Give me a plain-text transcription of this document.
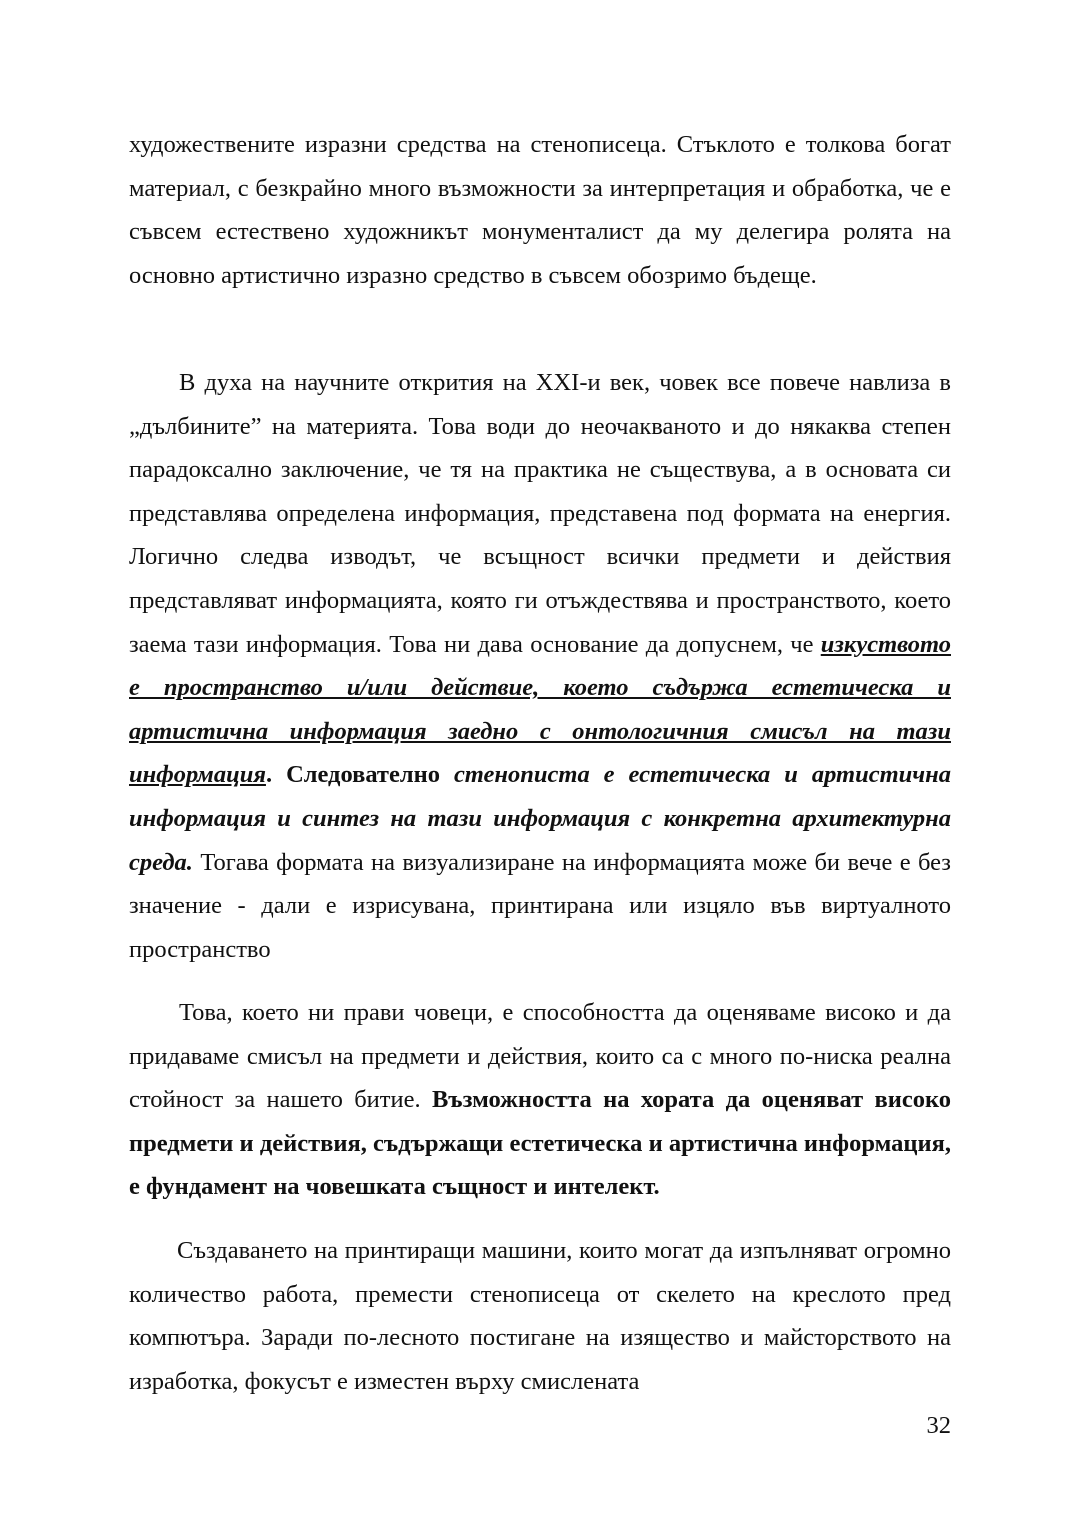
художествените изразни средства на стенописеца. Стъклото е толкова богат материал, с безкрайно много възможности за интерпретация и обработка, че е съвсем естествено художникът монументалист да му делегира ролята на основно артистично изразно средство в съвсем обозримо бъдеще.
В духа на научните открития на XXI-и век, човек все повече навлиза в „дълбините” на материята. Това води до неочакваното и до някаква степен парадоксално заключение, че тя на практика не съществува, а в основата си представлява определена информация, представена под формата на енергия. Логично следва изводът, че всъщност всички предмети и действия представляват информацията, която ги отъждествява и пространството, което заема тази информация. Това ни дава основание да допуснем, че изкуството е пространство и/или действие, което съдържа естетическа и артистична информация заедно с онтологичния смисъл на тази информация. Следователно стенописта е естетическа и артистична информация и синтез на тази информация с конкретна архитектурна среда. Тогава формата на визуализиране на информацията може би вече е без значение - дали е изрисувана, принтирана или изцяло във виртуалното пространство
Това, което ни прави човеци, е способността да оценяваме високо и да придаваме смисъл на предмети и действия, които са с много по-ниска реална стойност за нашето битие. Възможността на хората да оценяват високо предмети и действия, съдържащи естетическа и артистична информация, е фундамент на човешката същност и интелект.
Създаването на принтиращи машини, които могат да изпълняват огромно количество работа, премести стенописеца от скелето на креслото пред компютъра. Заради по-лесното постигане на изящество и майсторството на изработка, фокусът е изместен върху смислената
32
